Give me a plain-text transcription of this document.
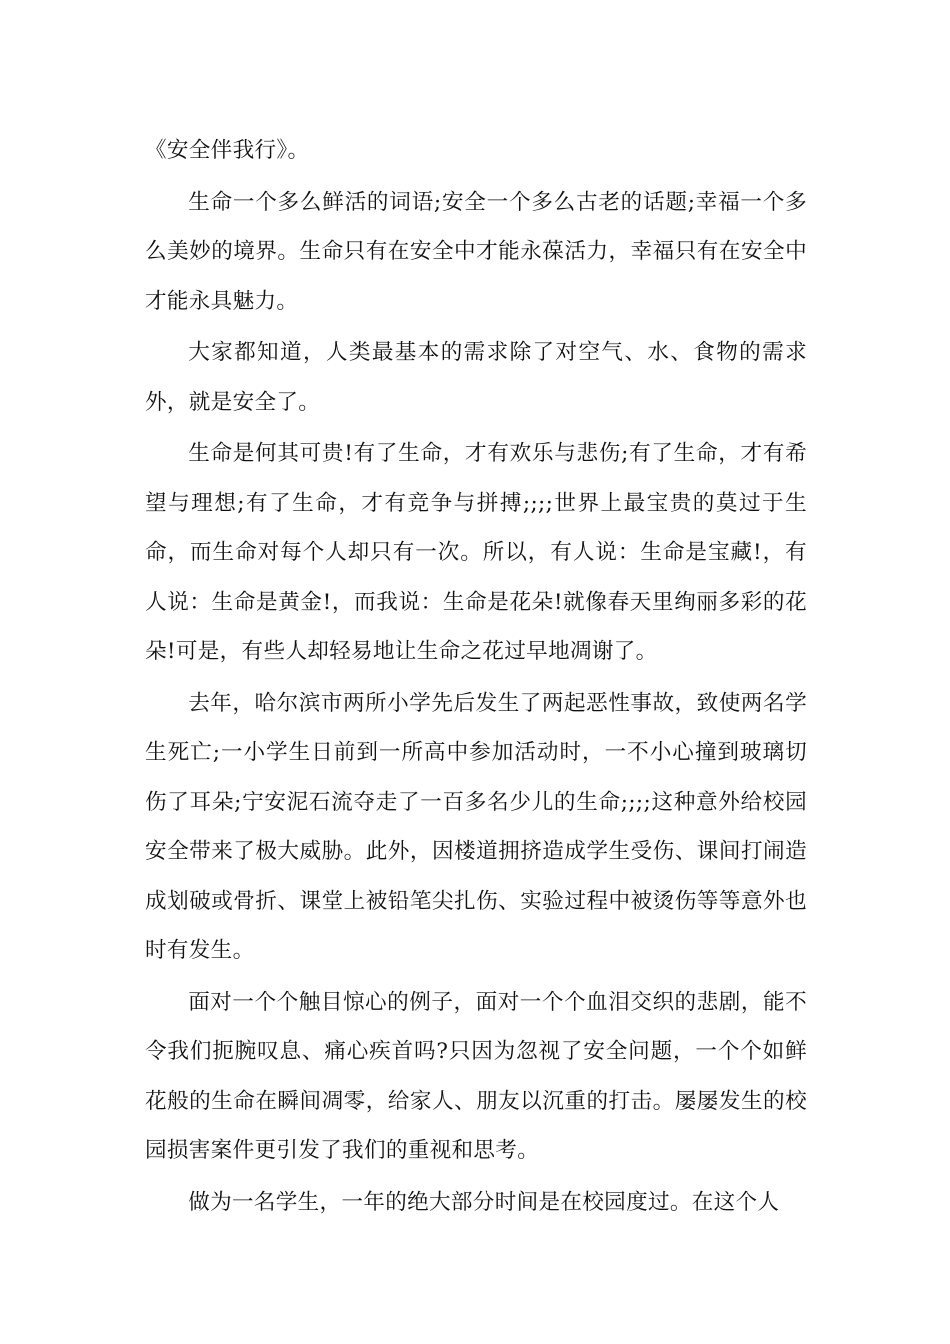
《安全伴我行》。

生命一个多么鲜活的词语;安全一个多么古老的话题;幸福一个多么美妙的境界。生命只有在安全中才能永葆活力，幸福只有在安全中才能永具魅力。

大家都知道，人类最基本的需求除了对空气、水、食物的需求外，就是安全了。

生命是何其可贵!有了生命，才有欢乐与悲伤;有了生命，才有希望与理想;有了生命，才有竞争与拼搏;;;;世界上最宝贵的莫过于生命，而生命对每个人却只有一次。所以，有人说：生命是宝藏!，有人说：生命是黄金!，而我说：生命是花朵!就像春天里绚丽多彩的花朵!可是，有些人却轻易地让生命之花过早地凋谢了。

去年，哈尔滨市两所小学先后发生了两起恶性事故，致使两名学生死亡;一小学生日前到一所高中参加活动时，一不小心撞到玻璃切伤了耳朵;宁安泥石流夺走了一百多名少儿的生命;;;;这种意外给校园安全带来了极大威胁。此外，因楼道拥挤造成学生受伤、课间打闹造成划破或骨折、课堂上被铅笔尖扎伤、实验过程中被烫伤等等意外也时有发生。

面对一个个触目惊心的例子，面对一个个血泪交织的悲剧，能不令我们扼腕叹息、痛心疾首吗?只因为忽视了安全问题，一个个如鲜花般的生命在瞬间凋零，给家人、朋友以沉重的打击。屡屡发生的校园损害案件更引发了我们的重视和思考。

做为一名学生，一年的绝大部分时间是在校园度过。在这个人
